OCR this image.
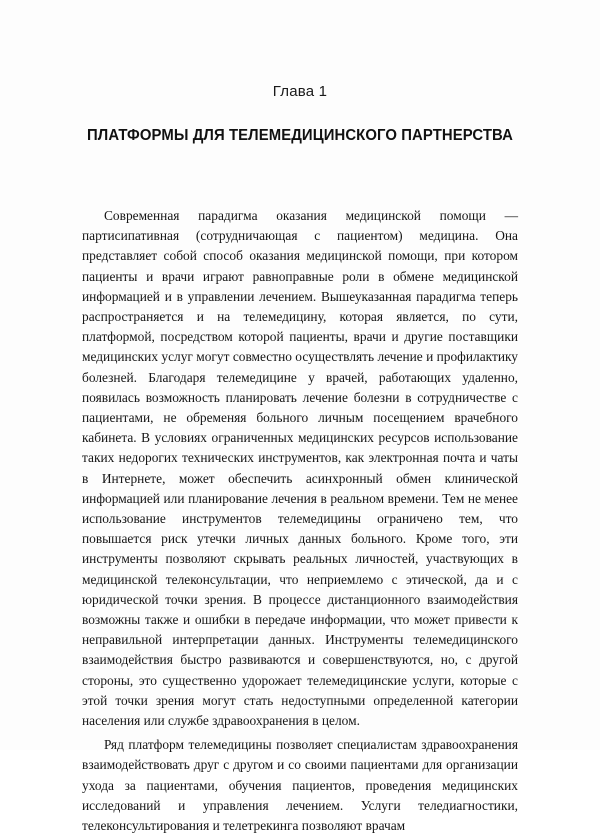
Глава 1
ПЛАТФОРМЫ ДЛЯ ТЕЛЕМЕДИЦИНСКОГО ПАРТНЕРСТВА

Современная парадигма оказания медицинской помощи — партисипативная (сотрудничающая с пациентом) медицина. Она представляет собой способ оказания медицинской помощи, при котором пациенты и врачи играют равноправные роли в обмене медицинской информацией и в управлении лечением. Вышеуказанная парадигма теперь распространяется и на телемедицину, которая является, по сути, платформой, посредством которой пациенты, врачи и другие поставщики медицинских услуг могут совместно осуществлять лечение и профилактику болезней. Благодаря телемедицине у врачей, работающих удаленно, появилась возможность планировать лечение болезни в сотрудничестве с пациентами, не обременяя больного личным посещением врачебного кабинета. В условиях ограниченных медицинских ресурсов использование таких недорогих технических инструментов, как электронная почта и чаты в Интернете, может обеспечить асинхронный обмен клинической информацией или планирование лечения в реальном времени. Тем не менее использование инструментов телемедицины ограничено тем, что повышается риск утечки личных данных больного. Кроме того, эти инструменты позволяют скрывать реальных личностей, участвующих в медицинской телеконсультации, что неприемлемо с этической, да и с юридической точки зрения. В процессе дистанционного взаимодействия возможны также и ошибки в передаче информации, что может привести к неправильной интерпретации данных. Инструменты телемедицинского взаимодействия быстро развиваются и совершенствуются, но, с другой стороны, это существенно удорожает телемедицинские услуги, которые с этой точки зрения могут стать недоступными определенной категории населения или службе здравоохранения в целом.

Ряд платформ телемедицины позволяет специалистам здравоохранения взаимодействовать друг с другом и со своими пациентами для организации ухода за пациентами, обучения пациентов, проведения медицинских исследований и управления лечением. Услуги теледиагностики, телеконсультирования и телетрекинга позволяют врачам
